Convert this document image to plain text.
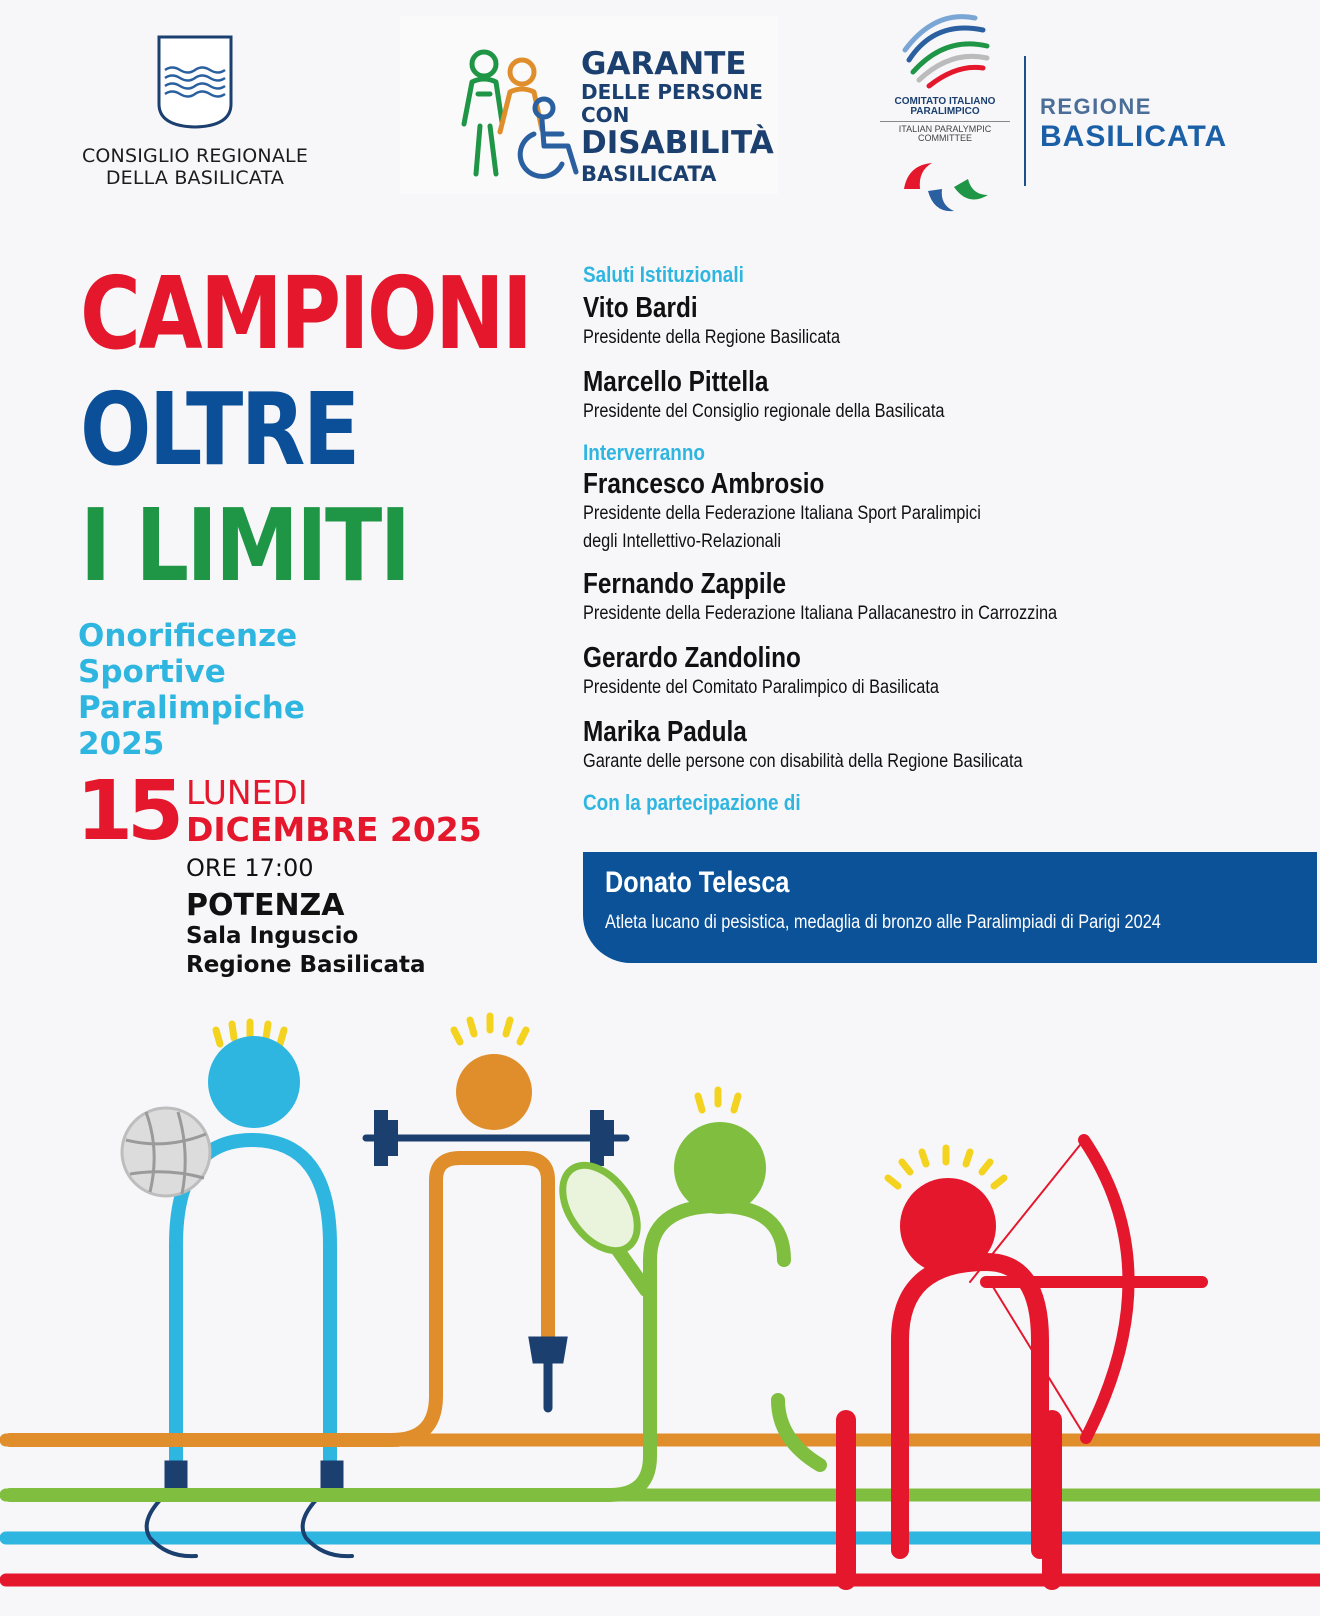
CONSIGLIO REGIONALE
DELLA BASILICATA
GARANTE
DELLE PERSONE
CON
DISABILITÀ
BASILICATA
COMITATO ITALIANO
PARALIMPICO
ITALIAN PARALYMPIC
COMMITTEE
REGIONE
BASILICATA
CAMPIONI
OLTRE
I LIMITI
Onorificenze
Sportive
Paralimpiche
2025
15 LUNEDI
DICEMBRE 2025
ORE 17:00
POTENZA
Sala Inguscio
Regione Basilicata
Saluti Istituzionali
Vito Bardi
Presidente della Regione Basilicata
Marcello Pittella
Presidente del Consiglio regionale della Basilicata
Interverranno
Francesco Ambrosio
Presidente della Federazione Italiana Sport Paralimpici
degli Intellettivo-Relazionali
Fernando Zappile
Presidente della Federazione Italiana Pallacanestro in Carrozzina
Gerardo Zandolino
Presidente del Comitato Paralimpico di Basilicata
Marika Padula
Garante delle persone con disabilità della Regione Basilicata
Con la partecipazione di
Donato Telesca
Atleta lucano di pesistica, medaglia di bronzo alle Paralimpiadi di Parigi 2024
